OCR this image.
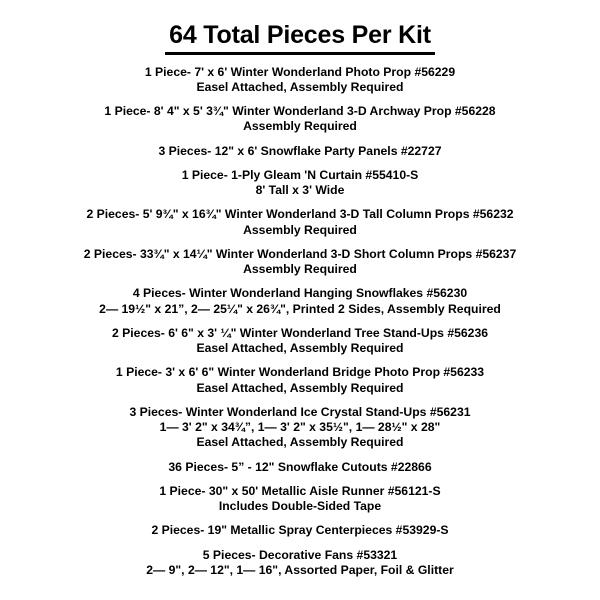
64 Total Pieces Per Kit
1 Piece- 7' x 6' Winter Wonderland Photo Prop #56229
Easel Attached, Assembly Required
1 Piece- 8' 4" x 5' 3¾" Winter Wonderland 3-D Archway Prop #56228
Assembly Required
3 Pieces- 12" x 6' Snowflake Party Panels #22727
1 Piece- 1-Ply Gleam 'N Curtain #55410-S
8' Tall x 3' Wide
2 Pieces- 5' 9¾" x 16¾" Winter Wonderland 3-D Tall Column Props #56232
Assembly Required
2 Pieces- 33¾" x 14¼" Winter Wonderland 3-D Short Column Props #56237
Assembly Required
4 Pieces- Winter Wonderland Hanging Snowflakes #56230
2— 19½" x 21”, 2— 25¼" x 26¾", Printed 2 Sides, Assembly Required
2 Pieces- 6' 6" x 3' ¼" Winter Wonderland Tree Stand-Ups #56236
Easel Attached, Assembly Required
1 Piece- 3' x 6' 6" Winter Wonderland Bridge Photo Prop #56233
Easel Attached, Assembly Required
3 Pieces- Winter Wonderland Ice Crystal Stand-Ups #56231
1— 3' 2" x 34¾”, 1— 3' 2" x 35½", 1— 28½" x 28"
Easel Attached, Assembly Required
36 Pieces- 5” - 12" Snowflake Cutouts #22866
1 Piece- 30" x 50' Metallic Aisle Runner #56121-S
Includes Double-Sided Tape
2 Pieces- 19" Metallic Spray Centerpieces #53929-S
5 Pieces- Decorative Fans #53321
2— 9", 2— 12", 1— 16", Assorted Paper, Foil & Glitter
